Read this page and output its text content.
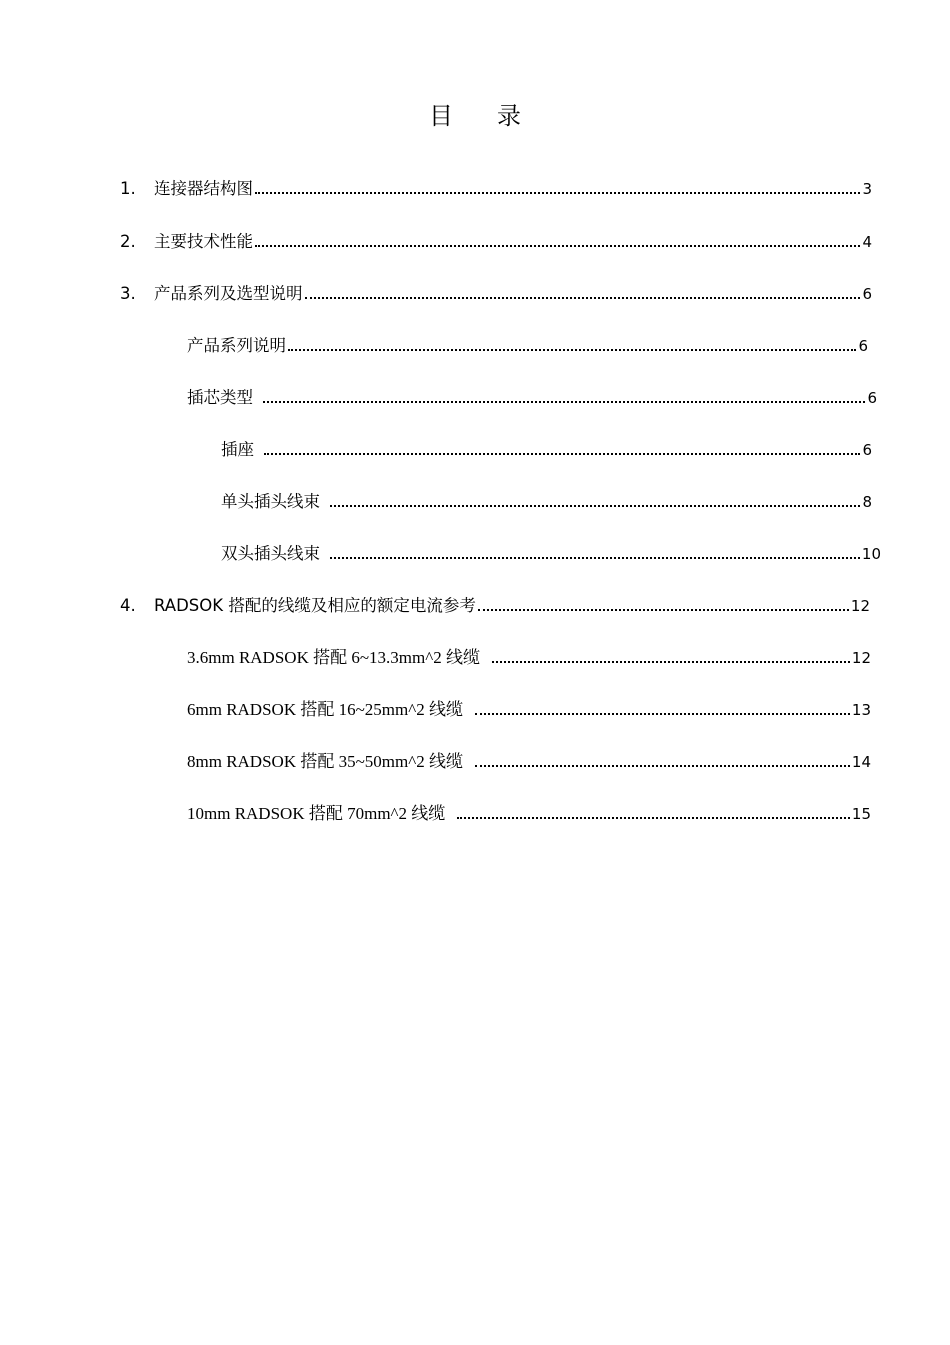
目 录
1.	连接器结构图	3
2.	主要技术性能	4
3.	产品系列及选型说明	6
产品系列说明	6
插芯类型	6
插座	6
单头插头线束	8
双头插头线束	10
4.	RADSOK 搭配的线缆及相应的额定电流参考	12
3.6mm RADSOK 搭配 6~13.3mm^2 线缆	12
6mm RADSOK 搭配 16~25mm^2 线缆	13
8mm RADSOK 搭配 35~50mm^2 线缆	14
10mm RADSOK 搭配 70mm^2 线缆	15
